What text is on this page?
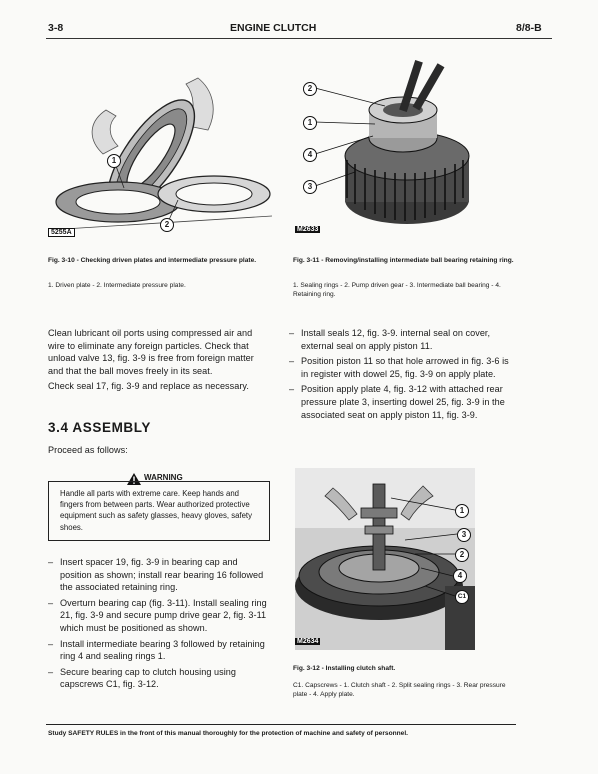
3-8	ENGINE CLUTCH	8/8-B
1
2
5255A
Fig. 3-10 - Checking driven plates and intermediate pressure plate.
1. Driven plate - 2. Intermediate pressure plate.
2
1
4
3
M2633
Fig. 3-11 - Removing/installing intermediate ball bearing retaining ring.
1. Sealing rings - 2. Pump driven gear - 3. Intermediate ball bearing - 4. Retaining ring.

Clean lubricant oil ports using compressed air and wire to eliminate any foreign particles. Check that unload valve 13, fig. 3-9 is free from foreign matter and that the ball moves freely in its seat.

Check seal 17, fig. 3-9 and replace as necessary.

3.4 ASSEMBLY
Proceed as follows:
WARNING
Handle all parts with extreme care. Keep hands and fingers from between parts. Wear authorized protective equipment such as safety glasses, heavy gloves, safety shoes.
– Insert spacer 19, fig. 3-9 in bearing cap and position as shown; install rear bearing 16 followed the associated retaining ring.
– Overturn bearing cap (fig. 3-11). Install sealing ring 21, fig. 3-9 and secure pump drive gear 2, fig. 3-11 which must be positioned as shown.
– Install intermediate bearing 3 followed by retaining ring 4 and sealing rings 1.
– Secure bearing cap to clutch housing using capscrews C1, fig. 3-12.
– Install seals 12, fig. 3-9. internal seal on cover, external seal on apply piston 11.
– Position piston 11 so that hole arrowed in fig. 3-6 is in register with dowel 25, fig. 3-9 on apply plate.
– Position apply plate 4, fig. 3-12 with attached rear pressure plate 3, inserting dowel 25, fig. 3-9 in the associated seat on apply piston 11, fig. 3-9.
1
3
2
4
C1
M2634
Fig. 3-12 - Installing clutch shaft.
C1. Capscrews - 1. Clutch shaft - 2. Split sealing rings - 3. Rear pressure plate - 4. Apply plate.
Study SAFETY RULES in the front of this manual thoroughly for the protection of machine and safety of personnel.
